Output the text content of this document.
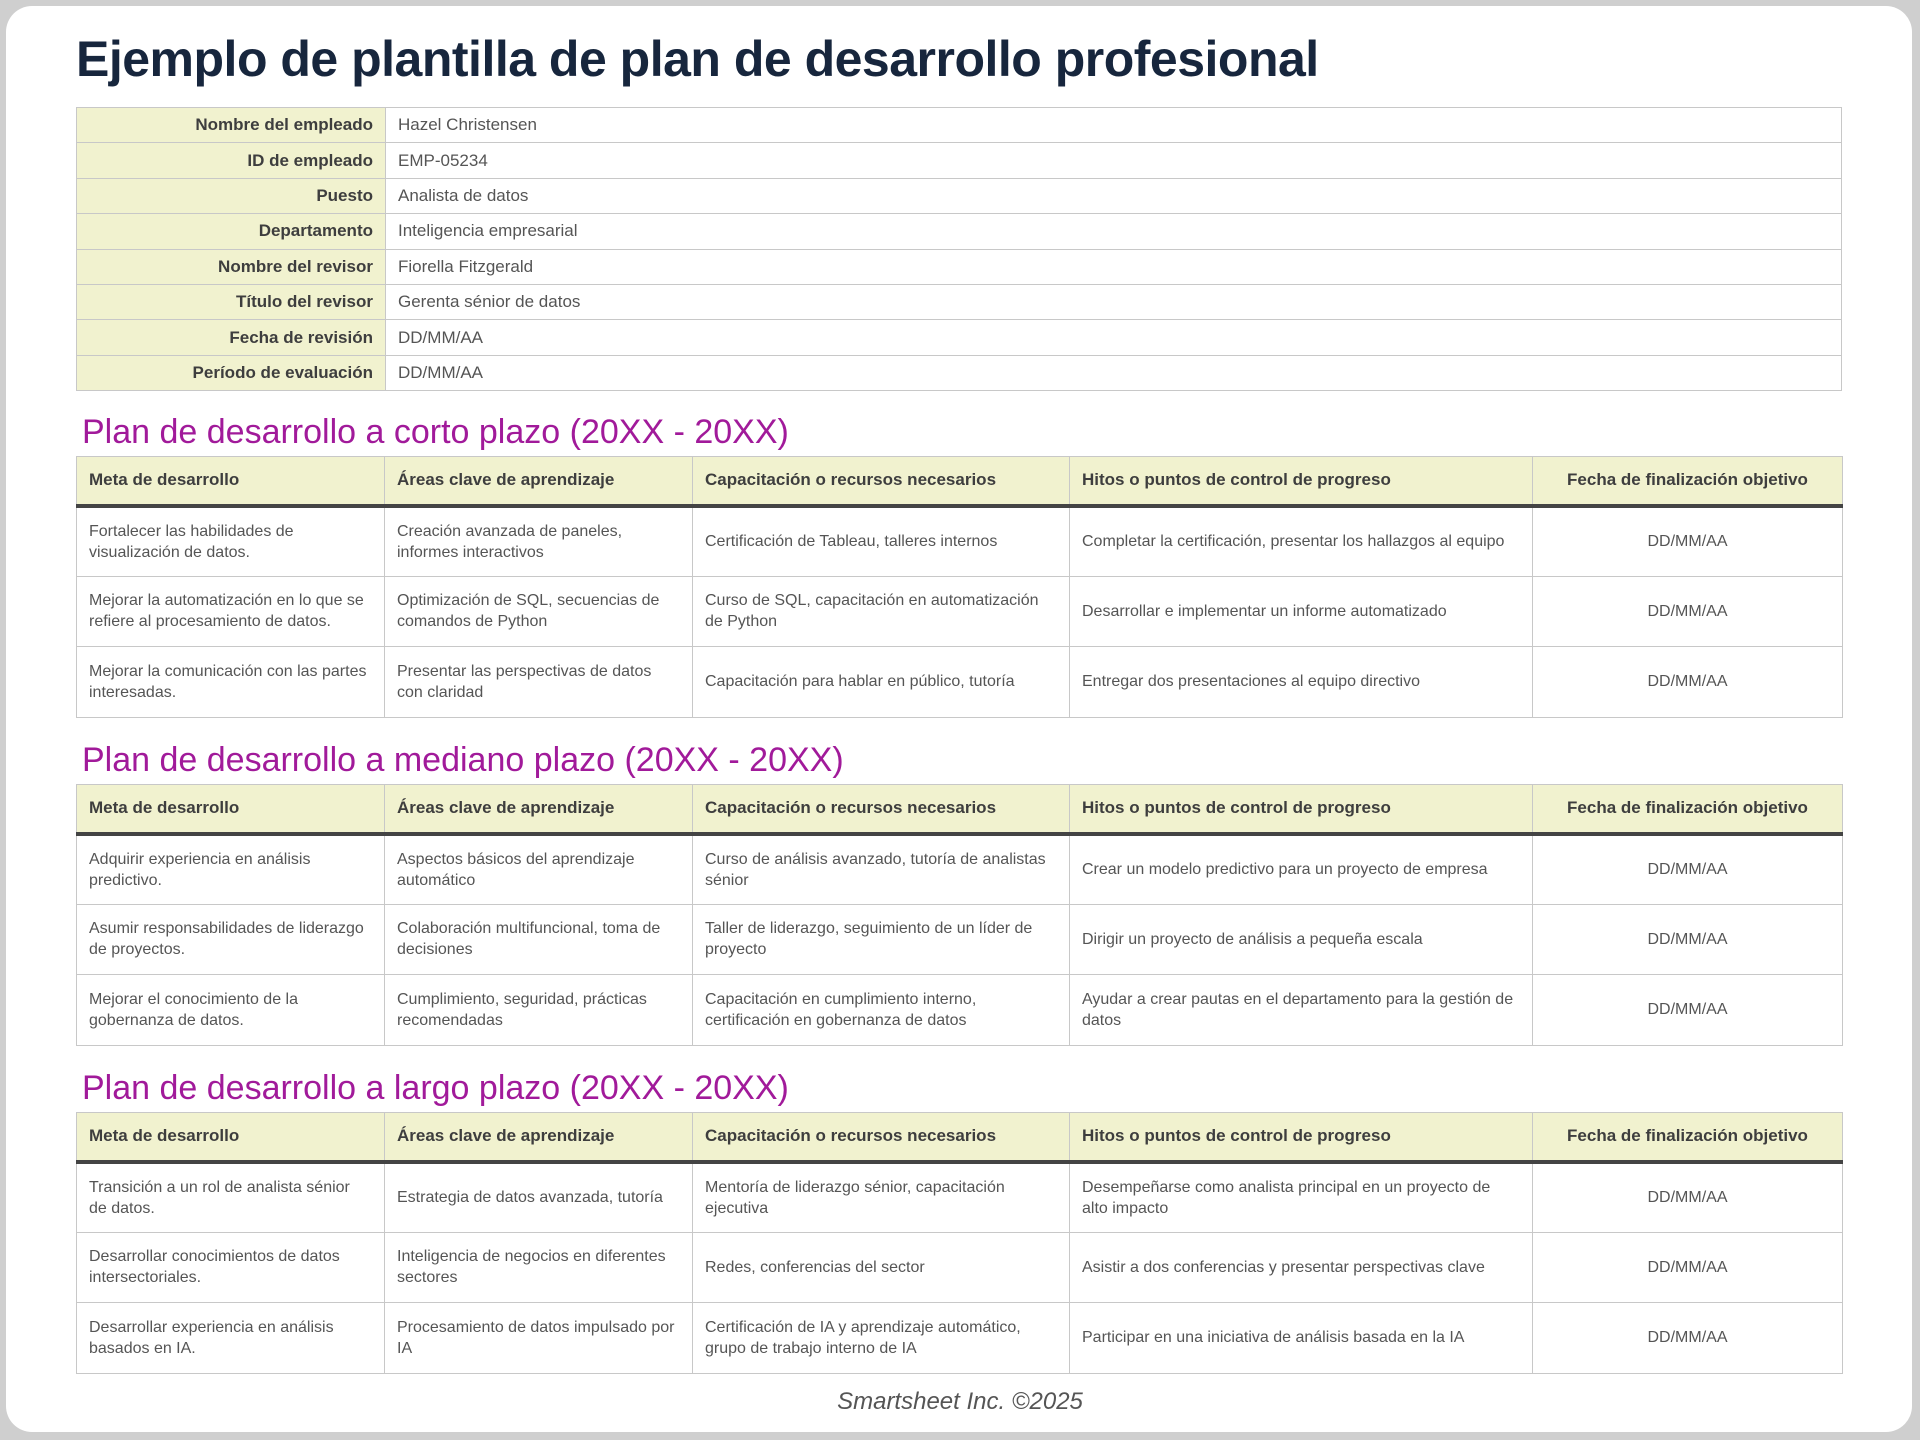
Ejemplo de plantilla de plan de desarrollo profesional
Nombre del empleado	Hazel Christensen
ID de empleado	EMP-05234
Puesto	Analista de datos
Departamento	Inteligencia empresarial
Nombre del revisor	Fiorella Fitzgerald
Título del revisor	Gerenta sénior de datos
Fecha de revisión	DD/MM/AA
Período de evaluación	DD/MM/AA
Plan de desarrollo a corto plazo (20XX - 20XX)
Meta de desarrollo	Áreas clave de aprendizaje	Capacitación o recursos necesarios	Hitos o puntos de control de progreso	Fecha de finalización objetivo
Fortalecer las habilidades de visualización de datos.	Creación avanzada de paneles, informes interactivos	Certificación de Tableau, talleres internos	Completar la certificación, presentar los hallazgos al equipo	DD/MM/AA
Mejorar la automatización en lo que se refiere al procesamiento de datos.	Optimización de SQL, secuencias de comandos de Python	Curso de SQL, capacitación en automatización de Python	Desarrollar e implementar un informe automatizado	DD/MM/AA
Mejorar la comunicación con las partes interesadas.	Presentar las perspectivas de datos con claridad	Capacitación para hablar en público, tutoría	Entregar dos presentaciones al equipo directivo	DD/MM/AA
Plan de desarrollo a mediano plazo (20XX - 20XX)
Meta de desarrollo	Áreas clave de aprendizaje	Capacitación o recursos necesarios	Hitos o puntos de control de progreso	Fecha de finalización objetivo
Adquirir experiencia en análisis predictivo.	Aspectos básicos del aprendizaje automático	Curso de análisis avanzado, tutoría de analistas sénior	Crear un modelo predictivo para un proyecto de empresa	DD/MM/AA
Asumir responsabilidades de liderazgo de proyectos.	Colaboración multifuncional, toma de decisiones	Taller de liderazgo, seguimiento de un líder de proyecto	Dirigir un proyecto de análisis a pequeña escala	DD/MM/AA
Mejorar el conocimiento de la gobernanza de datos.	Cumplimiento, seguridad, prácticas recomendadas	Capacitación en cumplimiento interno, certificación en gobernanza de datos	Ayudar a crear pautas en el departamento para la gestión de datos	DD/MM/AA
Plan de desarrollo a largo plazo (20XX - 20XX)
Meta de desarrollo	Áreas clave de aprendizaje	Capacitación o recursos necesarios	Hitos o puntos de control de progreso	Fecha de finalización objetivo
Transición a un rol de analista sénior de datos.	Estrategia de datos avanzada, tutoría	Mentoría de liderazgo sénior, capacitación ejecutiva	Desempeñarse como analista principal en un proyecto de alto impacto	DD/MM/AA
Desarrollar conocimientos de datos intersectoriales.	Inteligencia de negocios en diferentes sectores	Redes, conferencias del sector	Asistir a dos conferencias y presentar perspectivas clave	DD/MM/AA
Desarrollar experiencia en análisis basados en IA.	Procesamiento de datos impulsado por IA	Certificación de IA y aprendizaje automático, grupo de trabajo interno de IA	Participar en una iniciativa de análisis basada en la IA	DD/MM/AA
Smartsheet Inc. ©2025
